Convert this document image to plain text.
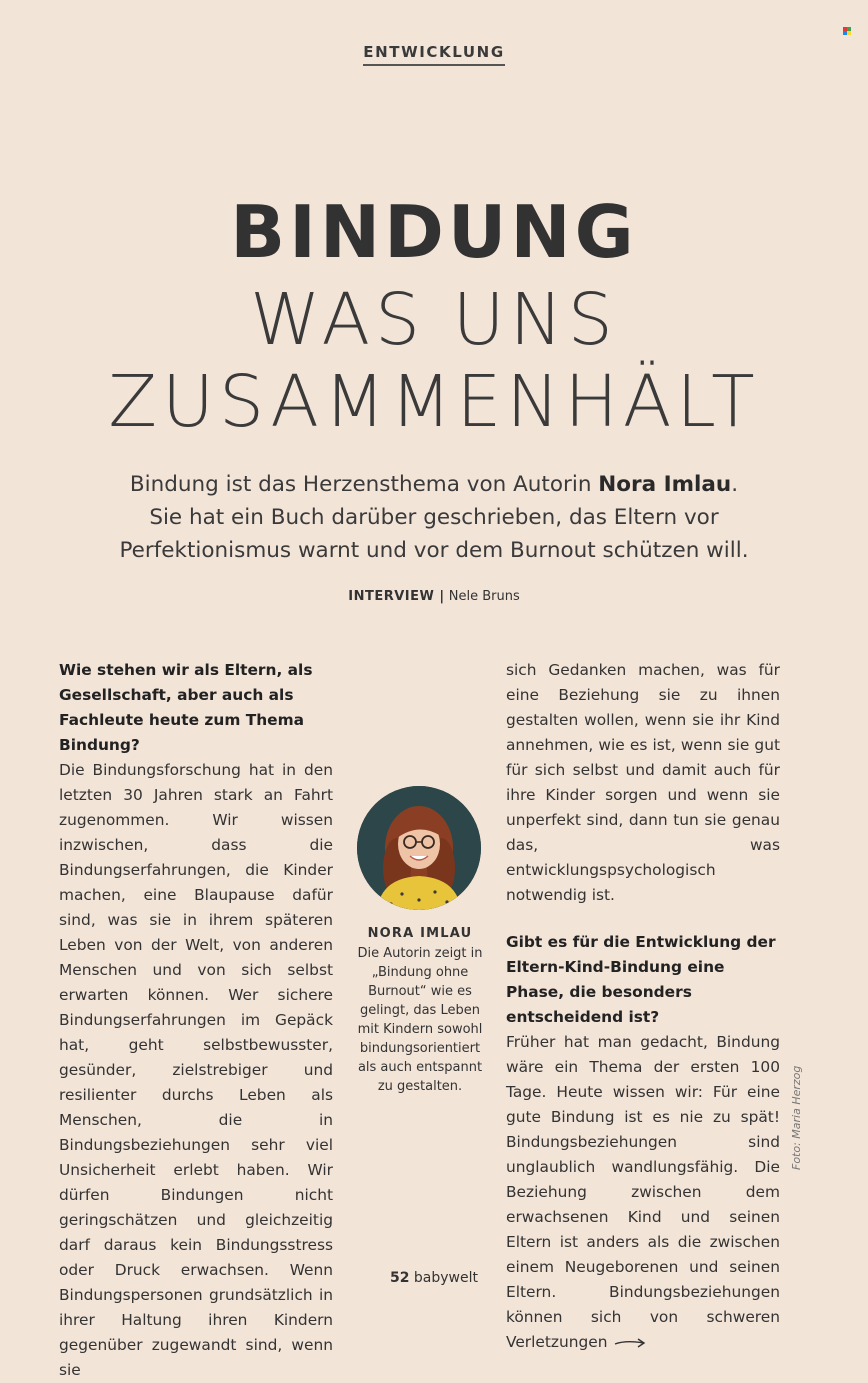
ENTWICKLUNG
BINDUNG
WAS UNS
ZUSAMMENHÄLT
Bindung ist das Herzensthema von Autorin Nora Imlau.
Sie hat ein Buch darüber geschrieben, das Eltern vor
Perfektionismus warnt und vor dem Burnout schützen will.
INTERVIEW | Nele Bruns
Wie stehen wir als Eltern, als Gesellschaft, aber auch als Fachleute heute zum Thema Bindung?
Die Bindungsforschung hat in den letzten 30 Jahren stark an Fahrt zugenommen. Wir wissen inzwischen, dass die Bindungserfahrungen, die Kinder machen, eine Blaupause dafür sind, was sie in ihrem späteren Leben von der Welt, von anderen Menschen und von sich selbst erwarten können. Wer sichere Bindungserfahrungen im Gepäck hat, geht selbstbewusster, gesünder, zielstrebiger und resilienter durchs Leben als Menschen, die in Bindungsbeziehungen sehr viel Unsicherheit erlebt haben. Wir dürfen Bindungen nicht geringschätzen und gleichzeitig darf daraus kein Bindungsstress oder Druck erwachsen. Wenn Bindungspersonen grundsätzlich in ihrer Haltung ihren Kindern gegenüber zugewandt sind, wenn sie
NORA IMLAU
Die Autorin zeigt in „Bindung ohne Burnout“ wie es gelingt, das Leben mit Kindern sowohl bindungsorientiert als auch entspannt zu gestalten.
sich Gedanken machen, was für eine Beziehung sie zu ihnen gestalten wollen, wenn sie ihr Kind annehmen, wie es ist, wenn sie gut für sich selbst und damit auch für ihre Kinder sorgen und wenn sie unperfekt sind, dann tun sie genau das, was entwicklungspsychologisch notwendig ist.
Gibt es für die Entwicklung der Eltern-Kind-Bindung eine Phase, die besonders entscheidend ist?
Früher hat man gedacht, Bindung wäre ein Thema der ersten 100 Tage. Heute wissen wir: Für eine gute Bindung ist es nie zu spät! Bindungsbeziehungen sind unglaublich wandlungsfähig. Die Beziehung zwischen dem erwachsenen Kind und seinen Eltern ist anders als die zwischen einem Neugeborenen und seinen Eltern. Bindungsbeziehungen können sich von schweren Verletzungen
Foto: Maria Herzog
52 babywelt
